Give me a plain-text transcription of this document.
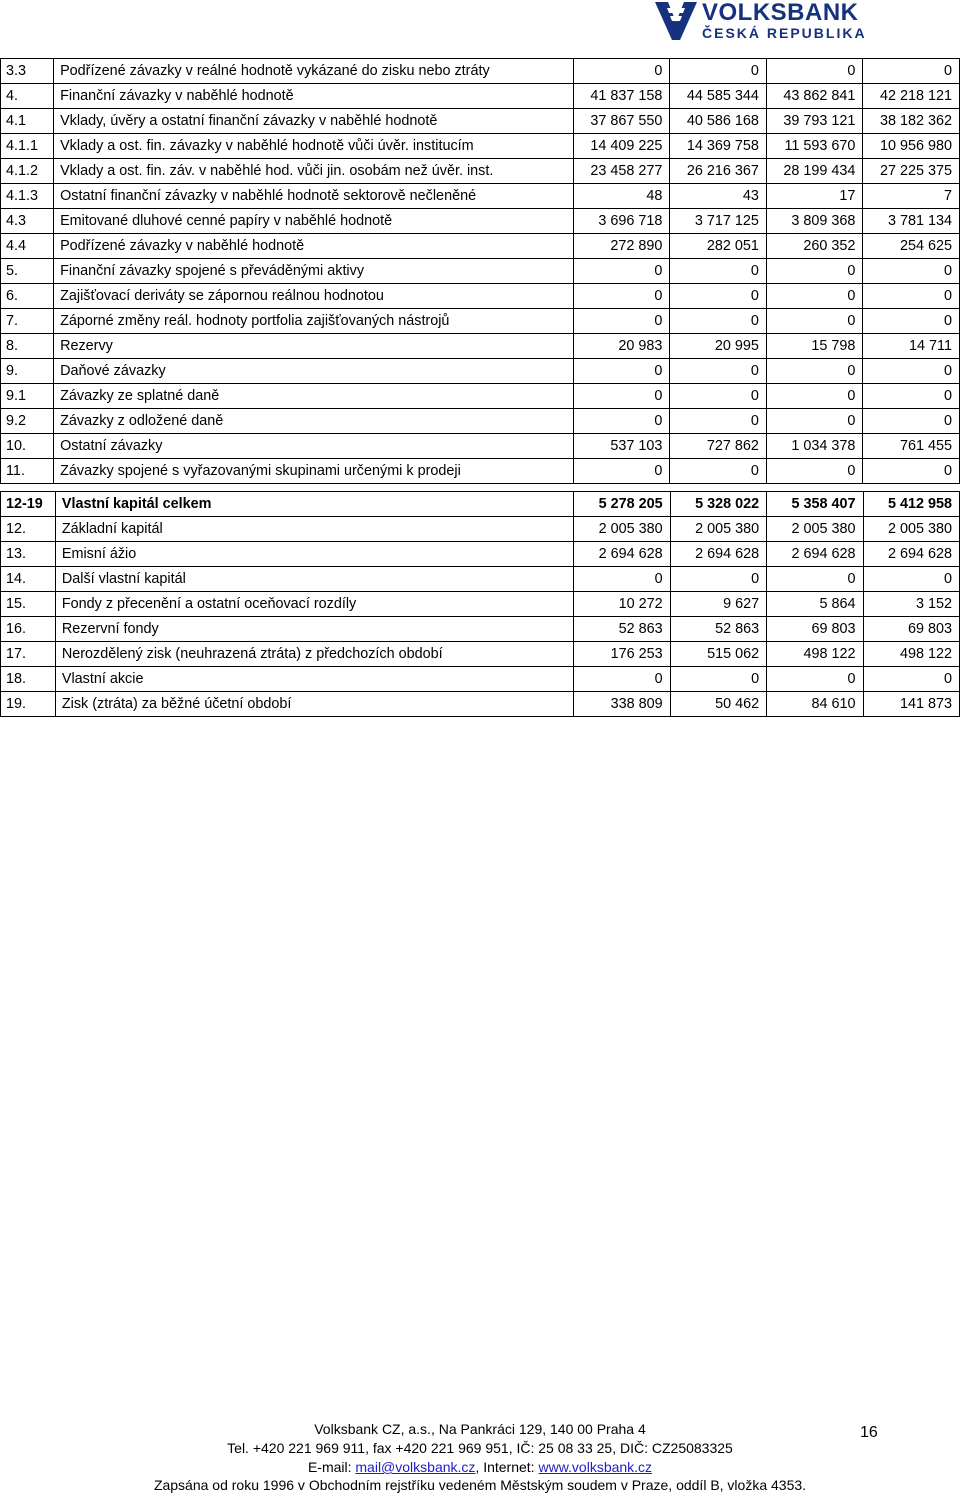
VOLKSBANK
ČESKÁ REPUBLIKA
3.3	Podřízené závazky v reálné hodnotě vykázané do zisku nebo ztráty	0	0	0	0
4.	Finanční závazky v naběhlé hodnotě	41 837 158	44 585 344	43 862 841	42 218 121
4.1	Vklady, úvěry a ostatní finanční závazky v naběhlé hodnotě	37 867 550	40 586 168	39 793 121	38 182 362
4.1.1	Vklady a ost. fin. závazky v naběhlé hodnotě vůči úvěr. institucím	14 409 225	14 369 758	11 593 670	10 956 980
4.1.2	Vklady a ost. fin. záv. v naběhlé hod. vůči jin. osobám než úvěr. inst.	23 458 277	26 216 367	28 199 434	27 225 375
4.1.3	Ostatní finanční závazky v naběhlé hodnotě sektorově nečleněné	48	43	17	7
4.3	Emitované dluhové cenné papíry v naběhlé hodnotě	3 696 718	3 717 125	3 809 368	3 781 134
4.4	Podřízené závazky v naběhlé hodnotě	272 890	282 051	260 352	254 625
5.	Finanční závazky spojené s převáděnými aktivy	0	0	0	0
6.	Zajišťovací deriváty se zápornou reálnou hodnotou	0	0	0	0
7.	Záporné změny reál. hodnoty portfolia zajišťovaných nástrojů	0	0	0	0
8.	Rezervy	20 983	20 995	15 798	14 711
9.	Daňové závazky	0	0	0	0
9.1	Závazky ze splatné daně	0	0	0	0
9.2	Závazky z odložené daně	0	0	0	0
10.	Ostatní závazky	537 103	727 862	1 034 378	761 455
11.	Závazky spojené s vyřazovanými skupinami určenými k prodeji	0	0	0	0
12-19	Vlastní kapitál celkem	5 278 205	5 328 022	5 358 407	5 412 958
12.	Základní kapitál	2 005 380	2 005 380	2 005 380	2 005 380
13.	Emisní ážio	2 694 628	2 694 628	2 694 628	2 694 628
14.	Další vlastní kapitál	0	0	0	0
15.	Fondy z přecenění a ostatní oceňovací rozdíly	10 272	9 627	5 864	3 152
16.	Rezervní fondy	52 863	52 863	69 803	69 803
17.	Nerozdělený zisk (neuhrazená ztráta) z předchozích období	176 253	515 062	498 122	498 122
18.	Vlastní akcie	0	0	0	0
19.	Zisk (ztráta) za běžné účetní období	338 809	50 462	84 610	141 873
Volksbank CZ, a.s., Na Pankráci 129, 140 00 Praha 4
Tel. +420 221 969 911, fax +420 221 969 951, IČ: 25 08 33 25, DIČ: CZ25083325
E-mail: mail@volksbank.cz, Internet: www.volksbank.cz
Zapsána od roku 1996 v Obchodním rejstříku vedeném Městským soudem v Praze, oddíl B, vložka 4353.
16
